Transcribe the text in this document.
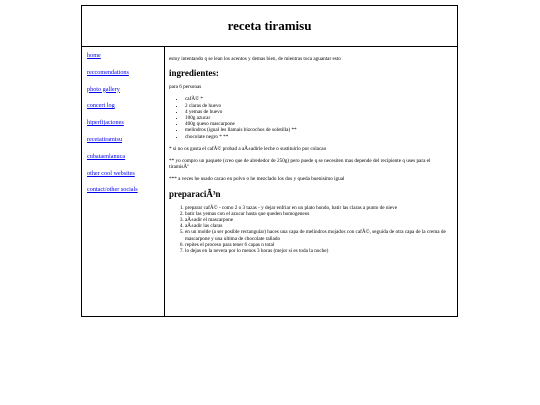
receta tiramisu
home
reccomendations
photo gallery
concert log
hiperfijaciones
recetatiramisu
cubataenlanuca
other cool websites
contact/other socials

estoy intentando q se lean los acentos y demas bien, de mientras toca aguantar esto

ingredientes:

para 6 personas

• cafÃ© *
• 2 claras de huevo
• 4 yemas de huevo
• 100g azucar
• 400g queso mascarpone
• melindros (igual les llamais bizcochos de soletilla) **
• chocolate negro * **

* si no os gusta el cafÃ© probad a aÃ±adirle leche o sustituirlo por colacao

** yo compro un paquete (creo que de alrededor de 250g) pero puede q se necesiten mas depende del recipiente q uses para el tiramisÃº

*** a veces he usado cacao en polvo o he mezclado los dos y queda buenisimo igual

preparaciÃ³n
1. preparar cafÃ© - como 2 o 3 tazas - y dejar enfriar en un plato hondo, batir las claras a punto de nieve
2. batir las yemas con el azucar hasta que queden homogeneos
3. aÃ±adir el mascarpone
4. aÃ±adir las claras
5. en un molde (a ser posible rectangular) haces una capa de melindros mojados con cafÃ©, seguida de otra capa de la crema de mascarpone y una ultima de chocolate rallado
6. repites el proceso para tener 6 capas n total
7. lo dejas en la nevera por lo menos 3 horas (mejor si es toda la noche)
